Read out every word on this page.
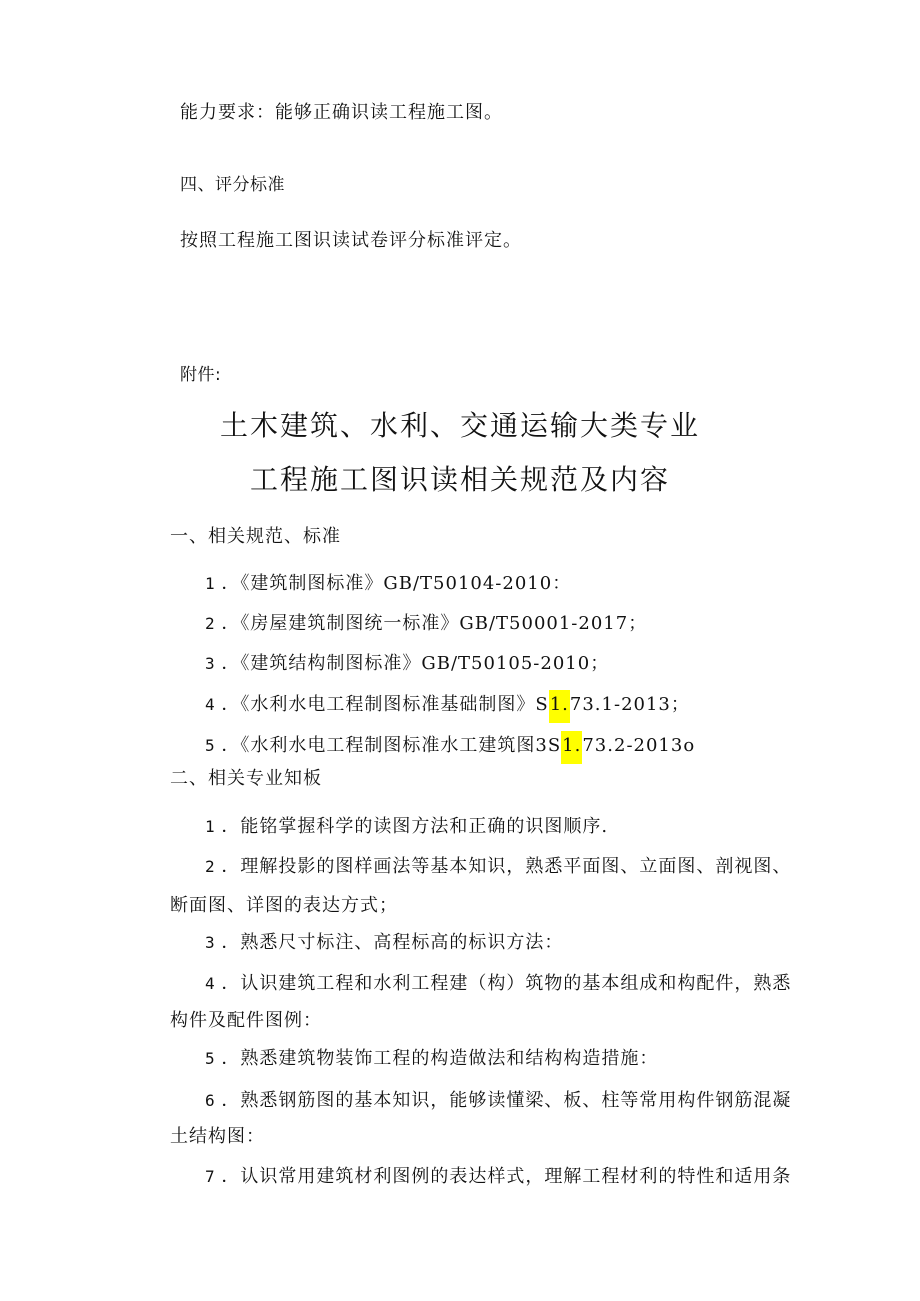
能力要求：能够正确识读工程施工图。
四、评分标准
按照工程施工图识读试卷评分标准评定。
附件:
土木建筑、水利、交通运输大类专业
工程施工图识读相关规范及内容
一、相关规范、标准
1 ．《建筑制图标准》GB/T50104-2010：
2 ．《房屋建筑制图统一标准》GB/T50001-2017；
3 ．《建筑结构制图标准》GB/T50105-2010；
4 ．《水利水电工程制图标准基础制图》S1.73.1-2013；
5 ．《水利水电工程制图标准水工建筑图3S1.73.2-2013o
二、相关专业知板
1 ．能铭掌握科学的读图方法和正确的识图顺序.
2 ．理解投影的图样画法等基本知识，熟悉平面图、立面图、剖视图、
断面图、详图的表达方式；
3 ．熟悉尺寸标注、高程标高的标识方法：
4 ．认识建筑工程和水利工程建（构）筑物的基本组成和构配件，熟悉
构件及配件图例：
5 ．熟悉建筑物装饰工程的构造做法和结构构造措施：
6 ．熟悉钢筋图的基本知识，能够读懂梁、板、柱等常用构件钢筋混凝
土结构图：
7 ．认识常用建筑材利图例的表达样式，理解工程材利的特性和适用条
